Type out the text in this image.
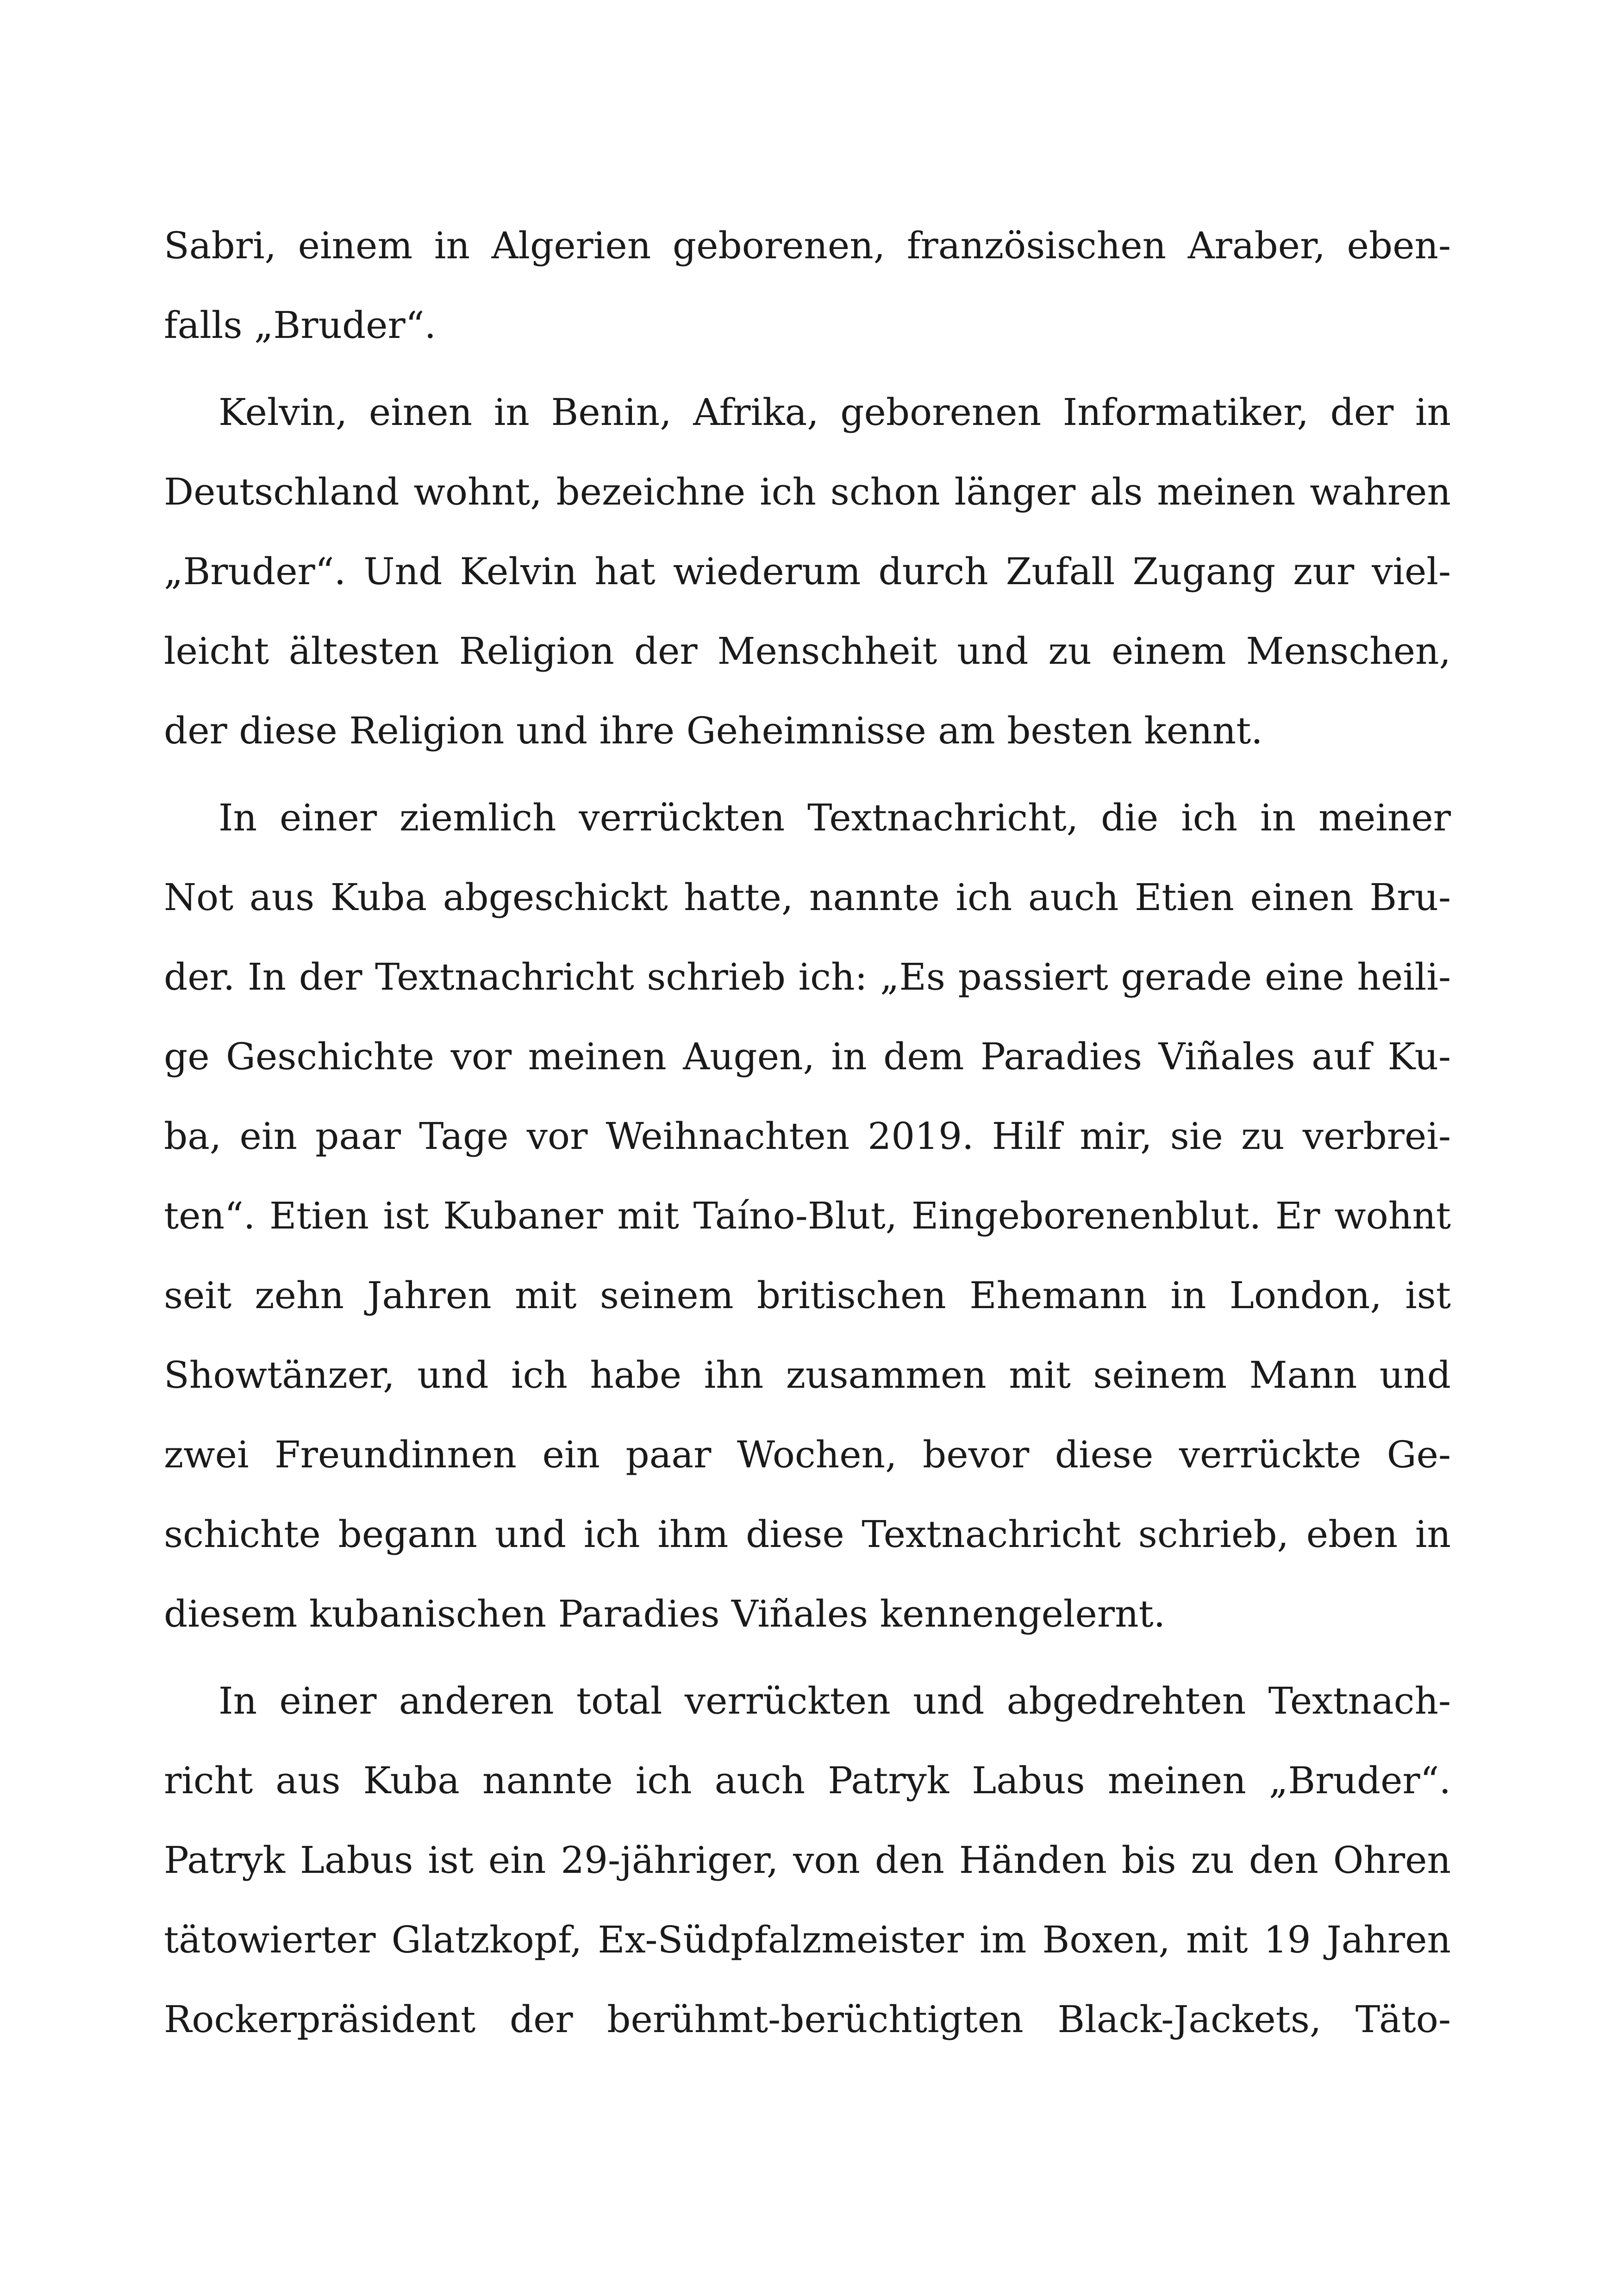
Sabri, einem in Algerien geborenen, französischen Araber, eben-
falls „Bruder“.
Kelvin, einen in Benin, Afrika, geborenen Informatiker, der in
Deutschland wohnt, bezeichne ich schon länger als meinen wahren
„Bruder“. Und Kelvin hat wiederum durch Zufall Zugang zur viel-
leicht ältesten Religion der Menschheit und zu einem Menschen,
der diese Religion und ihre Geheimnisse am besten kennt.
In einer ziemlich verrückten Textnachricht, die ich in meiner
Not aus Kuba abgeschickt hatte, nannte ich auch Etien einen Bru-
der. In der Textnachricht schrieb ich: „Es passiert gerade eine heili-
ge Geschichte vor meinen Augen, in dem Paradies Viñales auf Ku-
ba, ein paar Tage vor Weihnachten 2019. Hilf mir, sie zu verbrei-
ten“. Etien ist Kubaner mit Taíno-Blut, Eingeborenenblut. Er wohnt
seit zehn Jahren mit seinem britischen Ehemann in London, ist
Showtänzer, und ich habe ihn zusammen mit seinem Mann und
zwei Freundinnen ein paar Wochen, bevor diese verrückte Ge-
schichte begann und ich ihm diese Textnachricht schrieb, eben in
diesem kubanischen Paradies Viñales kennengelernt.
In einer anderen total verrückten und abgedrehten Textnach-
richt aus Kuba nannte ich auch Patryk Labus meinen „Bruder“.
Patryk Labus ist ein 29-jähriger, von den Händen bis zu den Ohren
tätowierter Glatzkopf, Ex-Südpfalzmeister im Boxen, mit 19 Jahren
Rockerpräsident der berühmt-berüchtigten Black-Jackets, Täto-
